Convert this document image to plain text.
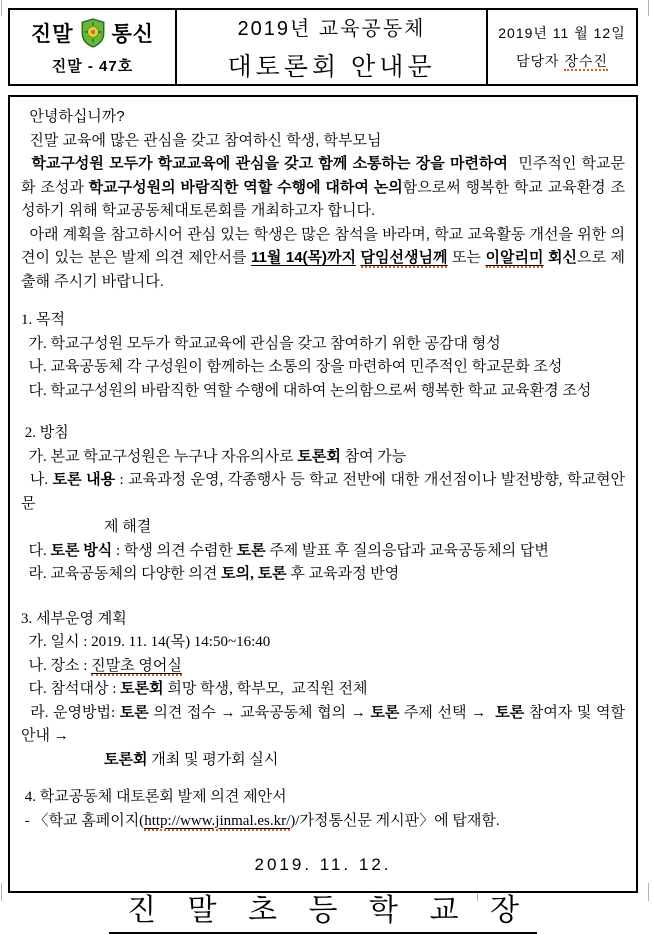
진말 통신
진말 - 47호
2019년 교육공동체
대토론회 안내문
2019년 11 월 12일
담당자 장수진
안녕하십니까?
진말 교육에 많은 관심을 갖고 참여하신 학생, 학부모님
학교구성원 모두가 학교교육에 관심을 갖고 함께 소통하는 장을 마련하여  민주적인 학교문화 조성과 학교구성원의 바람직한 역할 수행에 대하여 논의함으로써 행복한 학교 교육환경 조성하기 위해 학교공동체대토론회를 개최하고자 합니다.
아래 계획을 참고하시어 관심 있는 학생은 많은 참석을 바라며, 학교 교육활동 개선을 위한 의견이 있는 분은 발제 의견 제안서를 11월 14(목)까지 담임선생님께 또는 이알리미 회신으로 제출해 주시기 바랍니다.
1. 목적
가. 학교구성원 모두가 학교교육에 관심을 갖고 참여하기 위한 공감대 형성
나. 교육공동체 각 구성원이 함께하는 소통의 장을 마련하여 민주적인 학교문화 조성
다. 학교구성원의 바람직한 역할 수행에 대하여 논의함으로써 행복한 학교 교육환경 조성
2. 방침
가. 본교 학교구성원은 누구나 자유의사로 토론회 참여 가능
나. 토론 내용 : 교육과정 운영, 각종행사 등 학교 전반에 대한 개선점이나 발전방향, 학교현안 문
제 해결
다. 토론 방식 : 학생 의견 수렴한 토론 주제 발표 후 질의응답과 교육공동체의 답변
라. 교육공동체의 다양한 의견 토의, 토론 후 교육과정 반영
3. 세부운영 계획
가. 일시 : 2019. 11. 14(목) 14:50~16:40
나. 장소 : 진말초 영어실
다. 참석대상 : 토론회 희망 학생, 학부모,  교직원 전체
라. 운영방법: 토론 의견 접수 → 교육공동체 협의 → 토론 주제 선택 →  토론 참여자 및 역할 안내 →
토론회 개최 및 평가회 실시
4. 학교공동체 대토론회 발제 의견 제안서
- 〈학교 홈페이지(http://www.jinmal.es.kr/)/가정통신문 게시판〉에 탑재함.
2019. 11. 12.
진 말 초 등 학 교 장
